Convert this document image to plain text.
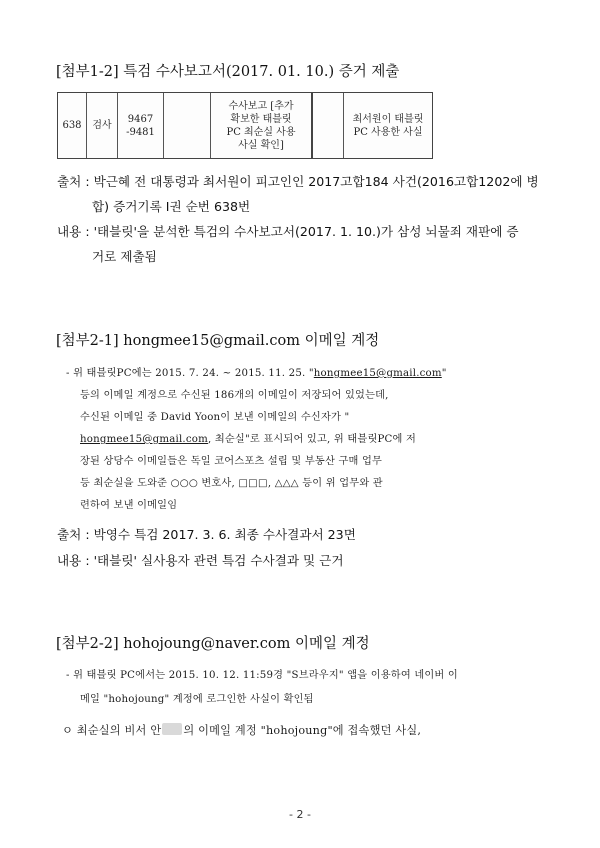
[첨부1-2] 특검 수사보고서(2017. 01. 10.) 증거 제출
638	검사
9467
-9481
수사보고 [추가
확보한 태블릿
PC 최순실 사용
사실 확인]
최서원이 태블릿
PC 사용한 사실
출처 : 박근혜 전 대통령과 최서원이 피고인인 2017고합184 사건(2016고합1202에 병
합) 증거기록 Ⅰ권 순번 638번
내용 : '태블릿'을 분석한 특검의 수사보고서(2017. 1. 10.)가 삼성 뇌물죄 재판에 증
거로 제출됨
[첨부2-1] hongmee15@gmail.com 이메일 계정
- 위 태블릿PC에는 2015. 7. 24. ~ 2015. 11. 25. "hongmee15@gmail.com"
등의 이메일 계정으로 수신된 186개의 이메일이 저장되어 있었는데,
수신된 이메일 중 David Yoon이 보낸 이메일의 수신자가 "
hongmee15@gmail.com, 최순실"로 표시되어 있고, 위 태블릿PC에 저
장된 상당수 이메일들은 독일 코어스포츠 설립 및 부동산 구매 업무
등 최순실을 도와준 ○○○ 변호사, □□□, △△△ 등이 위 업무와 관
련하여 보낸 이메일임
출처 : 박영수 특검 2017. 3. 6. 최종 수사결과서 23면
내용 : '태블릿' 실사용자 관련 특검 수사결과 및 근거
[첨부2-2] hohojoung@naver.com 이메일 계정
- 위 태블릿 PC에서는 2015. 10. 12. 11:59경 "S브라우지" 앱을 이용하여 네이버 이
메일 "hohojoung" 계정에 로그인한 사실이 확인됨
ㅇ 최순실의 비서 안 의 이메일 계정 "hohojoung"에 접속했던 사실,
- 2 -
